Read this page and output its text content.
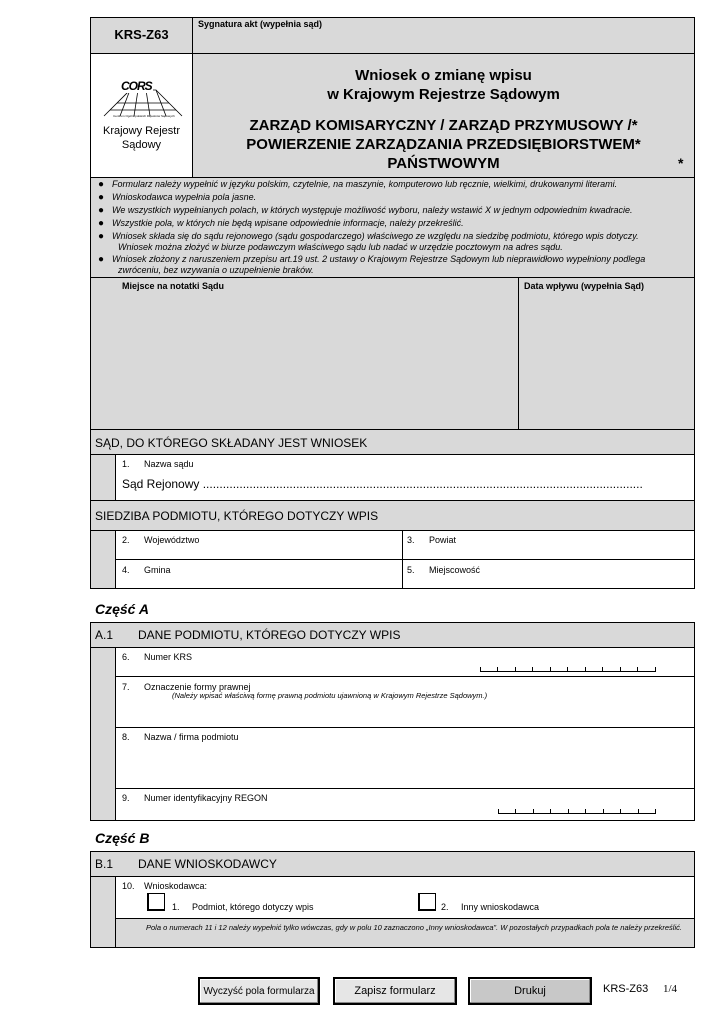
KRS-Z63
Sygnatura akt (wypełnia sąd)
CORS
Centrum Ogólnopolskich Rejestrów Sądowych
Krajowy Rejestr
Sądowy
Wniosek o zmianę wpisu
w Krajowym Rejestrze Sądowym
ZARZĄD KOMISARYCZNY / ZARZĄD PRZYMUSOWY /*
POWIERZENIE ZARZĄDZANIA PRZEDSIĘBIORSTWEM*
PAŃSTWOWYM	*
● Formularz należy wypełnić w języku polskim, czytelnie, na maszynie, komputerowo lub ręcznie, wielkimi, drukowanymi literami.
● Wnioskodawca wypełnia pola jasne.
● We wszystkich wypełnianych polach, w których występuje możliwość wyboru, należy wstawić X w jednym odpowiednim kwadracie.
● Wszystkie pola, w których nie będą wpisane odpowiednie informacje, należy przekreślić.
● Wniosek składa się do sądu rejonowego (sądu gospodarczego) właściwego ze względu na siedzibę podmiotu, którego wpis dotyczy.
Wniosek można złożyć w biurze podawczym właściwego sądu lub nadać w urzędzie pocztowym na adres sądu.
● Wniosek złożony z naruszeniem przepisu art.19 ust. 2 ustawy o Krajowym Rejestrze Sądowym lub nieprawidłowo wypełniony podlega
zwróceniu, bez wzywania o uzupełnienie braków.
Miejsce na notatki Sądu	Data wpływu (wypełnia Sąd)
SĄD, DO KTÓREGO SKŁADANY JEST WNIOSEK
1. Nazwa sądu
Sąd Rejonowy ....................................................................................................................................
SIEDZIBA PODMIOTU, KTÓREGO DOTYCZY WPIS
2. Województwo	3. Powiat
4. Gmina	5. Miejscowość
Część A
A.1 DANE PODMIOTU, KTÓREGO DOTYCZY WPIS
6. Numer KRS
7. Oznaczenie formy prawnej
(Należy wpisać właściwą formę prawną podmiotu ujawnioną w Krajowym Rejestrze Sądowym.)
8. Nazwa / firma podmiotu
9. Numer identyfikacyjny REGON
Część B
B.1 DANE WNIOSKODAWCY
10. Wnioskodawca:
1.     Podmiot, którego dotyczy wpis	2.     Inny wnioskodawca
Pola o numerach 11 i 12 należy wypełnić tylko wówczas, gdy w polu 10 zaznaczono „Inny wnioskodawca”. W pozostałych przypadkach pola te należy przekreślić.
Wyczyść pola formularza	Zapisz formularz	Drukuj	KRS-Z63 1/4
